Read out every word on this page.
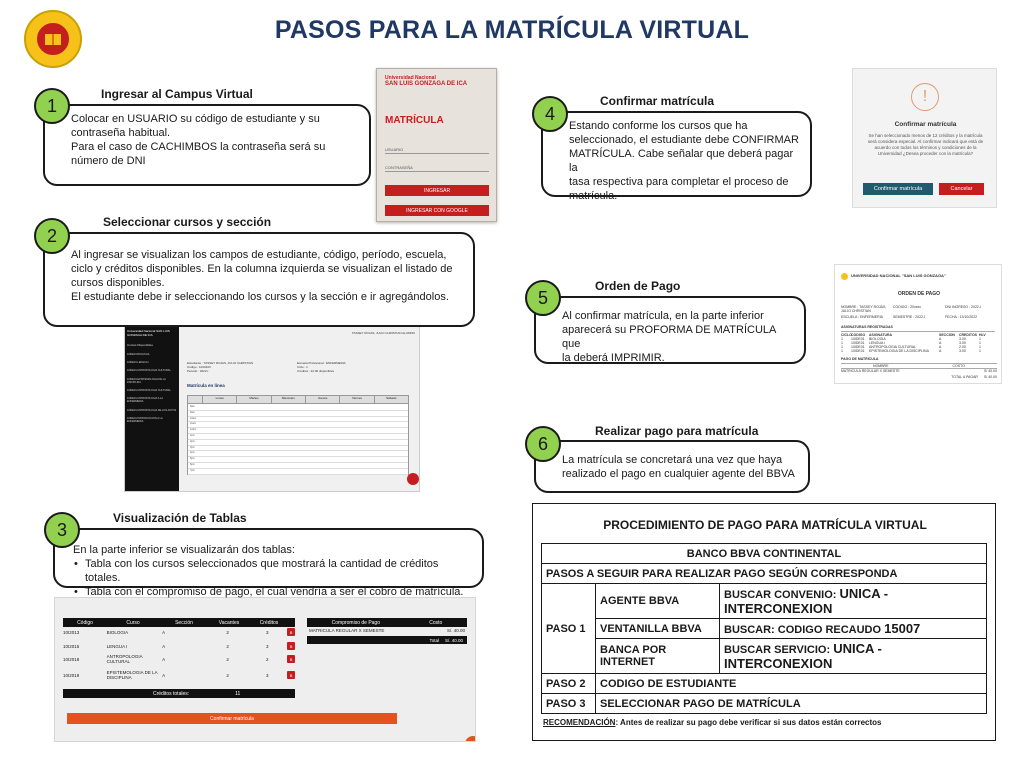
PASOS PARA LA MATRÍCULA VIRTUAL
1
Ingresar al Campus Virtual

Colocar en USUARIO su código de estudiante y su

contraseña habitual.

Para el caso de CACHIMBOS la contraseña será su

número de DNI

Universidad Nacional
SAN LUIS GONZAGA DE ICA
MATRÍCULA
USUARIO
CONTRASEÑA
INGRESAR
INGRESAR CON GOOGLE
2
Seleccionar cursos y sección

Al ingresar se visualizan los campos de estudiante, código, período, escuela,

ciclo y créditos disponibles. En la columna izquierda se visualizan el listado de

cursos disponibles.

El estudiante debe ir seleccionando los cursos y la sección e ir agregándolos.

Universidad Nacional SAN LUIS GONZAGA DE ICA
Cursos Disponibles
10IDE01 BIOLOGIA
10IDE01 LENGUA I
10IDE01 ANTROPOLOGIA CULTURAL
10IDE01 EPISTEMOLOGIA DE LA DISCIPLINA
10IDE01 ANTROPOLOGIA CULTURAL
10IDE01 ANTROPOLOGIA A LA ENFERMERIA
10IDE01 ANTROPOLOGIA DE LOS ACTOS
10IDE01 INTRODUCCION A LA ENFERMERIA
TASSEY ROJAS, JULIO CHRISTIAN ALUMNO
Estudiante : TASSEY ROJAS, JULIO CHRISTIAN
Código : 1020403
Periodo : 2022-I
Escuela Profesional : ENFERMERIA
Ciclo : 1
Créditos : 22.00 disponibles
Matrícula en línea
Lunes	Martes	Miércoles	Jueves	Viernes	Sábado
8am
9am
10am
11am
12pm
1pm
2pm
3pm
4pm
5pm
6pm
7pm
3
Visualización de Tablas

En la parte inferior se visualizarán dos tablas:

• Tabla con los cursos seleccionados que mostrará la cantidad de créditos totales.
• Tabla con el compromiso de pago, el cual vendría a ser el cobro de matrícula.
Código	Curso	Sección	Vacantes	Créditos
10I2013	BIOLOGIA	A	2	3	B
10I2015	LENGUA I	A	2	3	B
10I2018	ANTROPOLOGIA CULTURAL	A	2	2	B
10I2019	EPISTEMOLOGIA DE LA DISCIPLINA	A	2	3	B
Créditos totales:	11
Compromiso de Pago	Costo
MATRICULA REGULAR X SEMESTE	S/. 40.00
Total S/. 40.00
Confirmar matrícula
4
Confirmar matrícula

Estando conforme los cursos que ha

seleccionado, el estudiante debe CONFIRMAR

MATRÍCULA. Cabe señalar que deberá pagar la

tasa respectiva para completar el proceso de

matrícula.

!
Confirmar matrícula
Se han seleccionado menos de 12 créditos y la matrícula será considera especial. Al confirmar indicará que está de acuerdo con todos los términos y condiciones de la Universidad ¿Desea proceder con la matrícula?
Confirmar matrícula	Cancelar
5
Orden de Pago

Al confirmar matrícula, en la parte inferior

aparecerá su PROFORMA DE MATRÍCULA que

la deberá IMPRIMIR.

UNIVERSIDAD NACIONAL "SAN LUIS GONZAGA"
ORDEN DE PAGO
NOMBRE : TASSEY ROJAS, JULIO CHRISTIAN
CODIGO : 20xxxx	DNI INGRESO : 2022-I
ESCUELA : ENFERMERIA	SEMESTRE : 2022-I	FECHA : 13/10/2022
ASIGNATURAS REGISTRADAS
CICLO CODIGO	ASIGNATURA	SECCION	CREDITOS HLV
1	10IDE01	BIOLOGIA	A	3.00	1
1	10IDE01	LENGUA I	A	3.00	1
1	10IDE01	ANTROPOLOGIA CULTURAL	A	2.00	1
1	10IDE01	EPISTEMOLOGIA DE LA DISCIPLINA	A	3.00	1
PAGO DE MATRICULA
NOMBRE	COSTO
MATRICULA REGULAR X SEMESTE	S/ 40.00
TOTAL A PAGAR S/ 40.00
6
Realizar pago para matrícula

La matrícula se concretará una vez que haya

realizado el pago en cualquier agente del BBVA

PROCEDIMIENTO DE PAGO PARA MATRÍCULA VIRTUAL
BANCO BBVA CONTINENTAL		
PASOS A SEGUIR PARA REALIZAR PAGO SEGÚN CORRESPONDA		
PASO 1	AGENTE BBVA	BUSCAR CONVENIO: UNICA - INTERCONEXION
	VENTANILLA BBVA	BUSCAR: CODIGO RECAUDO 15007
	BANCA POR INTERNET	BUSCAR SERVICIO: UNICA - INTERCONEXION
PASO 2	CODIGO DE ESTUDIANTE	
PASO 3	SELECCIONAR PAGO DE MATRÍCULA	
RECOMENDACIÓN: Antes de realizar su pago debe verificar si sus datos están correctos
